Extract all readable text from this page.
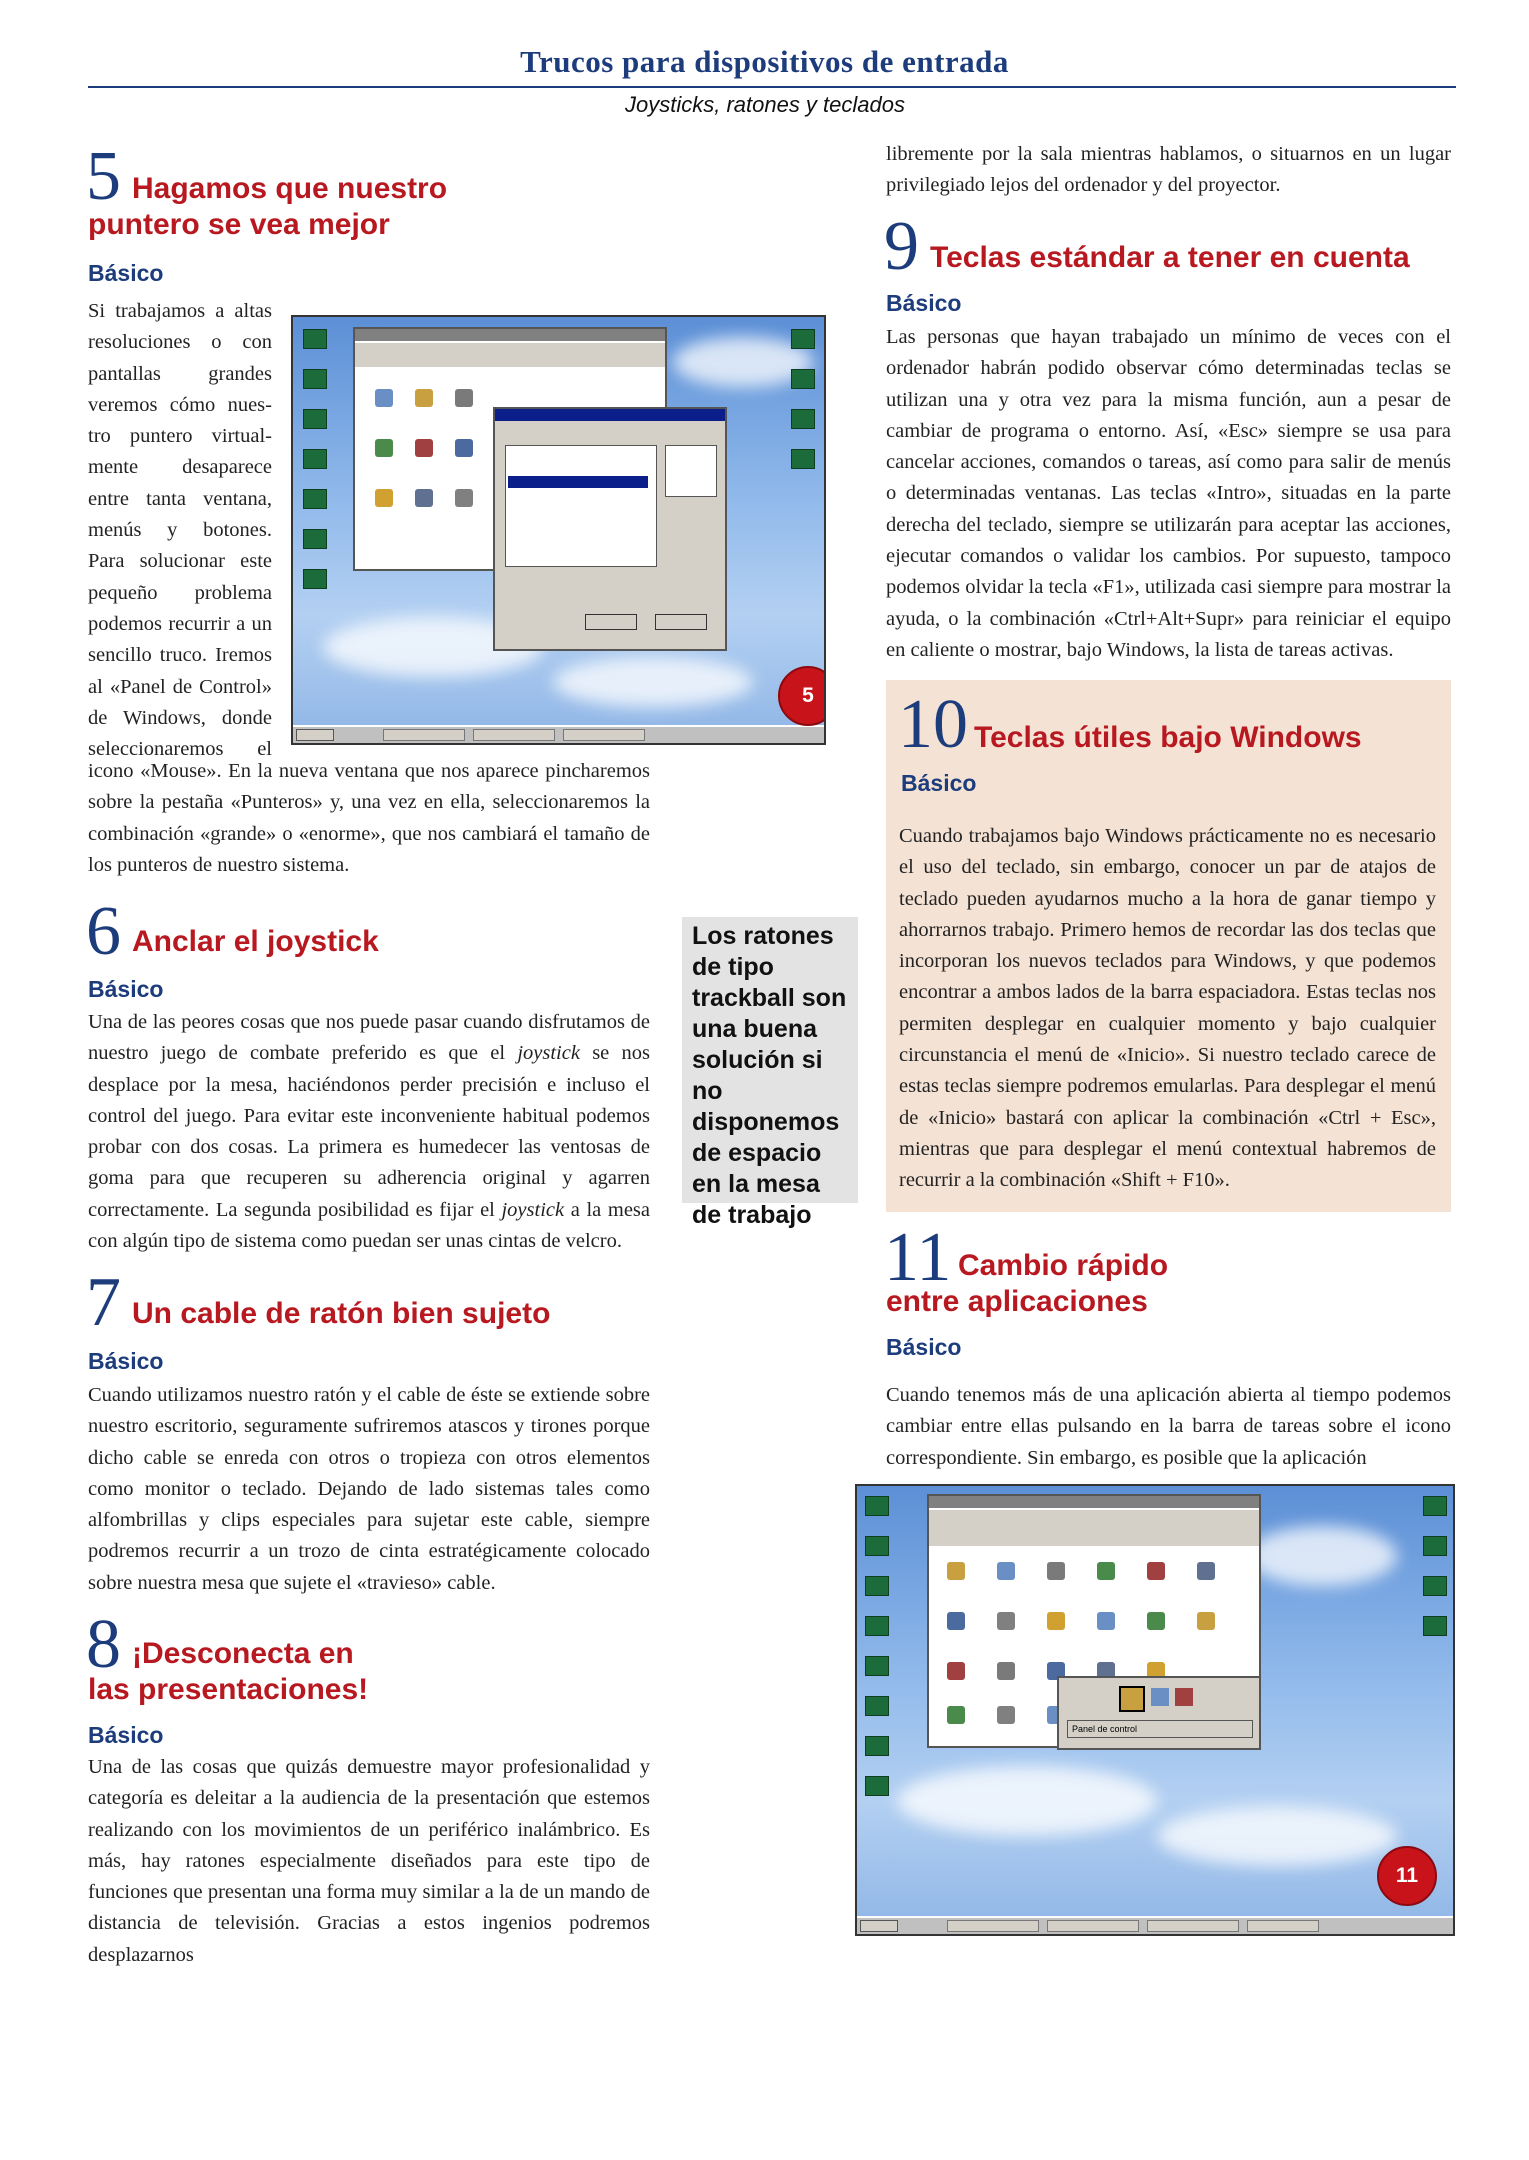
Trucos para dispositivos de entrada
Joysticks, ratones y teclados
5 Hagamos que nuestro
puntero se vea mejor
Básico
Si trabajamos a altas
resoluciones o con
pantallas grandes
veremos cómo nues-
tro puntero virtual-
mente desaparece
entre tanta ventana,
menús y botones.
Para solucionar este
pequeño problema
podemos recurrir a un
sencillo truco. Iremos
al «Panel de Control»
de Windows, donde
seleccionaremos el
5
icono «Mouse». En la nueva ventana que nos aparece pincharemos sobre la pestaña «Punteros» y, una vez en ella, seleccionaremos la combinación «grande» o «enorme», que nos cambiará el tamaño de los punteros de nuestro sistema.
6 Anclar el joystick
Básico
Una de las peores cosas que nos puede pasar cuando disfrutamos de nuestro juego de combate preferido es que el joystick se nos desplace por la mesa, haciéndonos perder precisión e incluso el control del juego. Para evitar este inconveniente habitual podemos probar con dos cosas. La primera es humedecer las ventosas de goma para que recuperen su adherencia original y agarren correctamente. La segunda posibilidad es fijar el joystick a la mesa con algún tipo de sistema como puedan ser unas cintas de velcro.
Los ratones
de tipo
trackball son
una buena
solución si no
disponemos
de espacio
en la mesa
de trabajo
7 Un cable de ratón bien sujeto
Básico
Cuando utilizamos nuestro ratón y el cable de éste se extiende sobre nuestro escritorio, seguramente sufriremos atascos y tirones porque dicho cable se enreda con otros o tropieza con otros elementos como monitor o teclado. Dejando de lado sistemas tales como alfombrillas y clips especiales para sujetar este cable, siempre podremos recurrir a un trozo de cinta estratégicamente colocado sobre nuestra mesa que sujete el «travieso» cable.
8 ¡Desconecta en
las presentaciones!
Básico
Una de las cosas que quizás demuestre mayor profesionalidad y categoría es deleitar a la audiencia de la presentación que estemos realizando con los movimientos de un periférico inalámbrico. Es más, hay ratones especialmente diseñados para este tipo de funciones que presentan una forma muy similar a la de un mando de distancia de televisión. Gracias a estos ingenios podremos desplazarnos
libremente por la sala mientras hablamos, o situarnos en un lugar privilegiado lejos del ordenador y del proyector.
9 Teclas estándar a tener en cuenta
Básico
Las personas que hayan trabajado un mínimo de veces con el ordenador habrán podido observar cómo determinadas teclas se utilizan una y otra vez para la misma función, aun a pesar de cambiar de programa o entorno. Así, «Esc» siempre se usa para cancelar acciones, comandos o tareas, así como para salir de menús o determinadas ventanas. Las teclas «Intro», situadas en la parte derecha del teclado, siempre se utilizarán para aceptar las acciones, ejecutar comandos o validar los cambios. Por supuesto, tampoco podemos olvidar la tecla «F1», utilizada casi siempre para mostrar la ayuda, o la combinación «Ctrl+Alt+Supr» para reiniciar el equipo en caliente o mostrar, bajo Windows, la lista de tareas activas.
10 Teclas útiles bajo Windows
Básico
Cuando trabajamos bajo Windows prácticamente no es necesario el uso del teclado, sin embargo, conocer un par de atajos de teclado pueden ayudarnos mucho a la hora de ganar tiempo y ahorrarnos trabajo. Primero hemos de recordar las dos teclas que incorporan los nuevos teclados para Windows, y que podemos encontrar a ambos lados de la barra espaciadora. Estas teclas nos permiten desplegar en cualquier momento y bajo cualquier circunstancia el menú de «Inicio». Si nuestro teclado carece de estas teclas siempre podremos emularlas. Para desplegar el menú de «Inicio» bastará con aplicar la combinación «Ctrl + Esc», mientras que para desplegar el menú contextual habremos de recurrir a la combinación «Shift + F10».
11 Cambio rápido
entre aplicaciones
Básico
Cuando tenemos más de una aplicación abierta al tiempo podemos cambiar entre ellas pulsando en la barra de tareas sobre el icono correspondiente. Sin embargo, es posible que la aplicación
Panel de control
11
